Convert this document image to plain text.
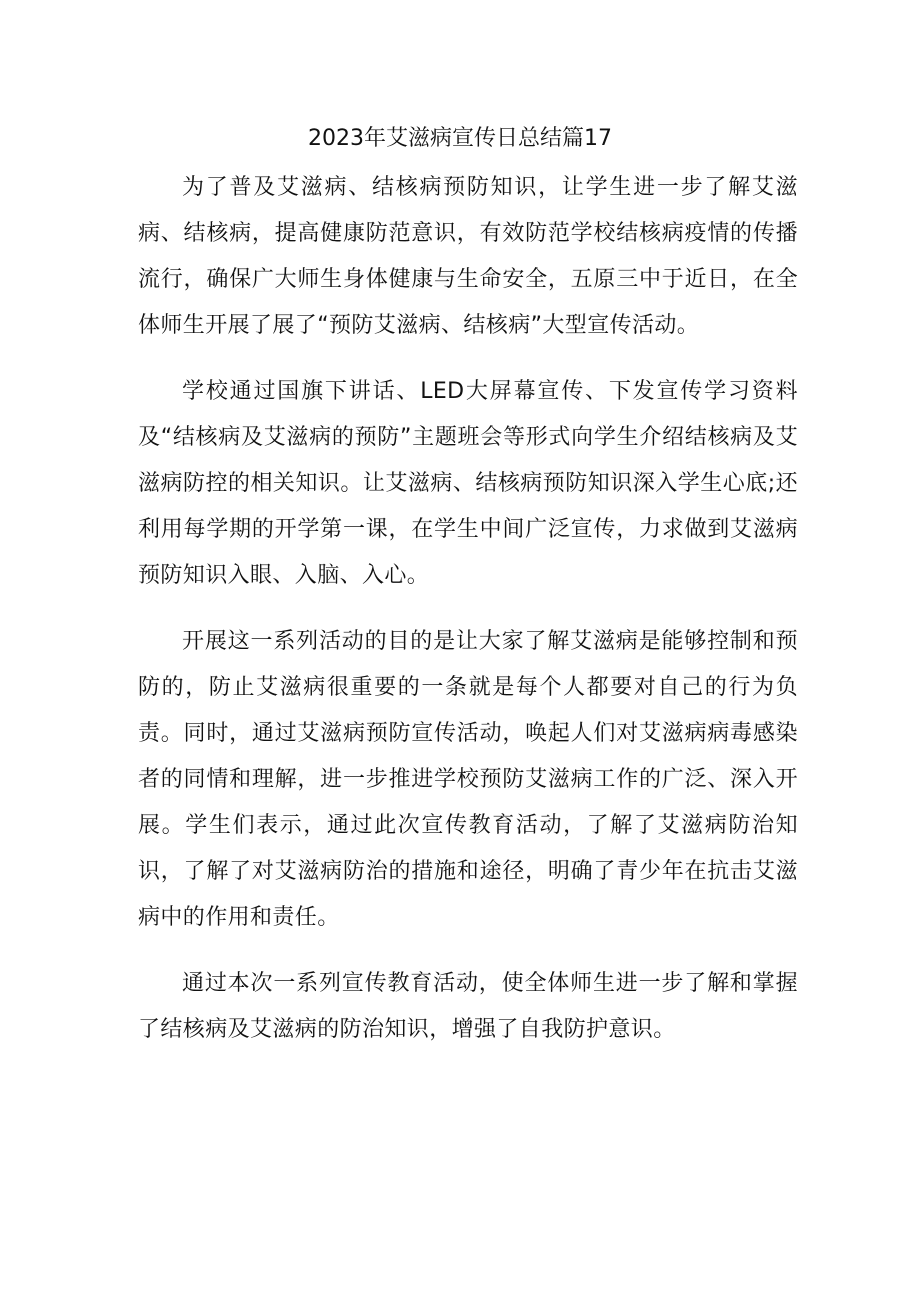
2023年艾滋病宣传日总结篇17

为了普及艾滋病、结核病预防知识，让学生进一步了解艾滋病、结核病，提高健康防范意识，有效防范学校结核病疫情的传播流行，确保广大师生身体健康与生命安全，五原三中于近日，在全体师生开展了展了“预防艾滋病、结核病”大型宣传活动。

学校通过国旗下讲话、LED大屏幕宣传、下发宣传学习资料及“结核病及艾滋病的预防”主题班会等形式向学生介绍结核病及艾滋病防控的相关知识。让艾滋病、结核病预防知识深入学生心底;还利用每学期的开学第一课，在学生中间广泛宣传，力求做到艾滋病预防知识入眼、入脑、入心。

开展这一系列活动的目的是让大家了解艾滋病是能够控制和预防的，防止艾滋病很重要的一条就是每个人都要对自己的行为负责。同时，通过艾滋病预防宣传活动，唤起人们对艾滋病病毒感染者的同情和理解，进一步推进学校预防艾滋病工作的广泛、深入开展。学生们表示，通过此次宣传教育活动，了解了艾滋病防治知识，了解了对艾滋病防治的措施和途径，明确了青少年在抗击艾滋病中的作用和责任。

通过本次一系列宣传教育活动，使全体师生进一步了解和掌握了结核病及艾滋病的防治知识，增强了自我防护意识。
